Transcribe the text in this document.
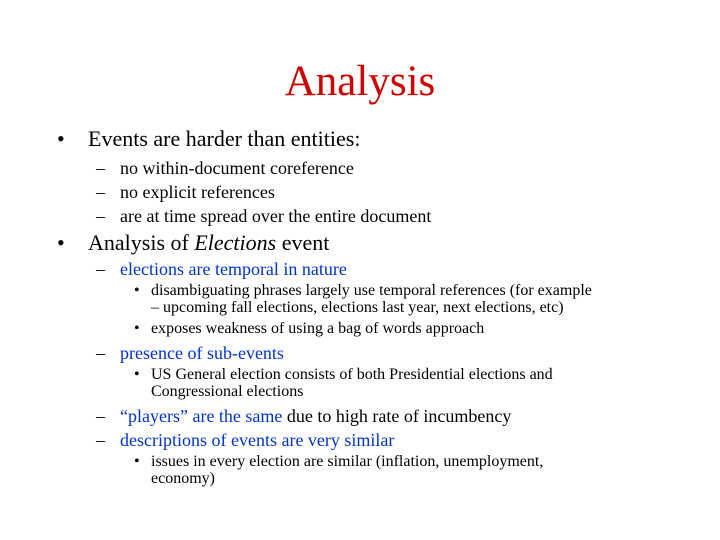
Analysis
• Events are harder than entities:
– no within-document coreference
– no explicit references
– are at time spread over the entire document
• Analysis of Elections event
– elections are temporal in nature
• disambiguating phrases largely use temporal references (for example
– upcoming fall elections, elections last year, next elections, etc)
• exposes weakness of using a bag of words approach
– presence of sub-events
• US General election consists of both Presidential elections and
Congressional elections
– “players” are the same due to high rate of incumbency
– descriptions of events are very similar
• issues in every election are similar (inflation, unemployment,
economy)
